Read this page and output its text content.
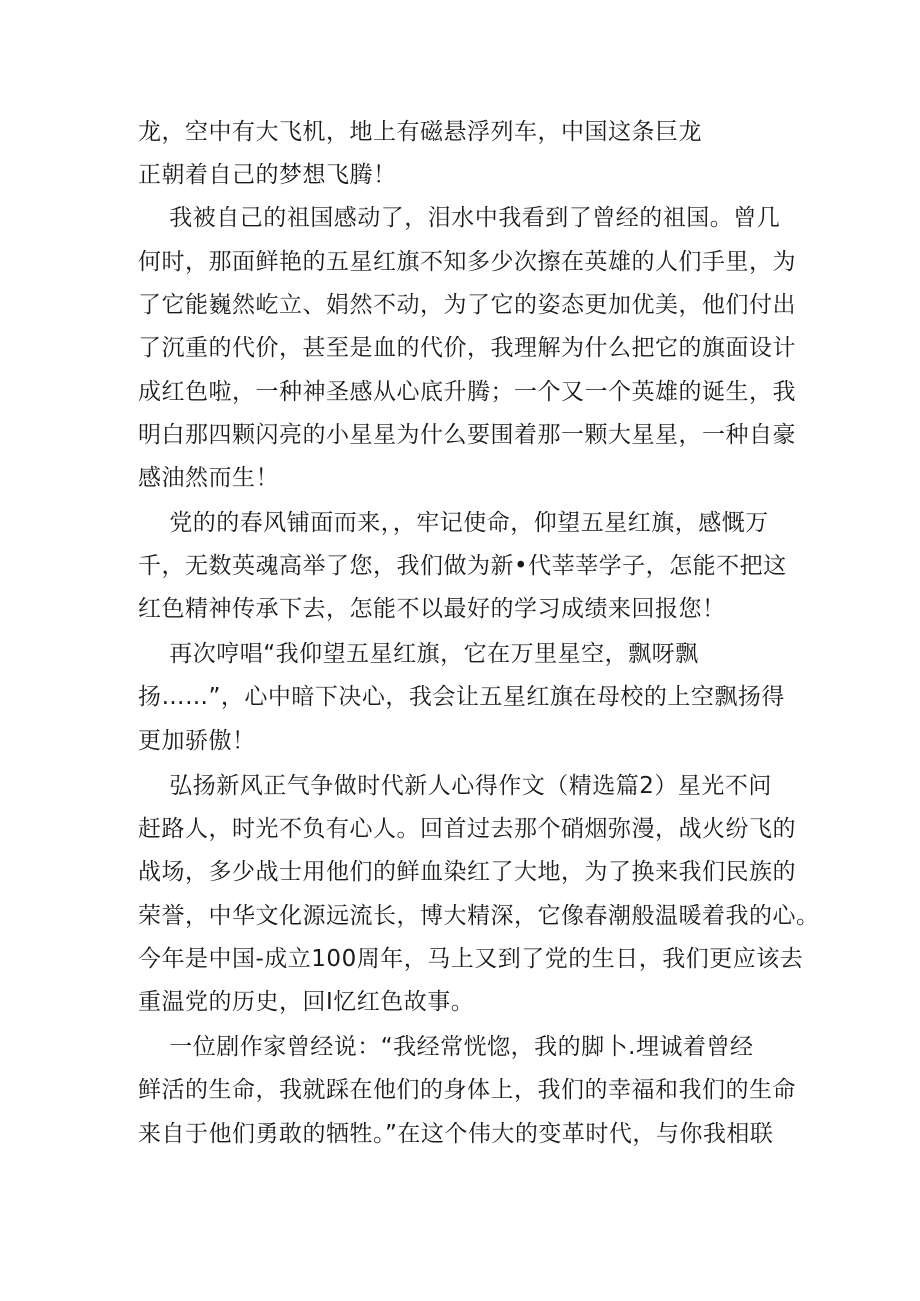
龙，空中有大飞机，地上有磁悬浮列车，中国这条巨龙
正朝着自己的梦想飞腾！
我被自己的祖国感动了，泪水中我看到了曾经的祖国。曾几
何时，那面鲜艳的五星红旗不知多少次擦在英雄的人们手里，为
了它能巍然屹立、娟然不动，为了它的姿态更加优美，他们付出
了沉重的代价，甚至是血的代价，我理解为什么把它的旗面设计
成红色啦，一种神圣感从心底升腾；一个又一个英雄的诞生，我
明白那四颗闪亮的小星星为什么要围着那一颗大星星，一种自豪
感油然而生！
党的的春风铺面而来，，牢记使命，仰望五星红旗，感慨万
千，无数英魂高举了您，我们做为新•代莘莘学子，怎能不把这
红色精神传承下去，怎能不以最好的学习成绩来回报您！
再次哼唱“我仰望五星红旗，它在万里星空，飘呀飘
扬……”，心中暗下决心，我会让五星红旗在母校的上空飘扬得
更加骄傲！
弘扬新风正气争做时代新人心得作文（精选篇2）星光不问
赶路人，时光不负有心人。回首过去那个硝烟弥漫，战火纷飞的
战场，多少战士用他们的鲜血染红了大地，为了换来我们民族的
荣誉，中华文化源远流长，博大精深，它像春潮般温暖着我的心。
今年是中国-成立100周年，马上又到了党的生日，我们更应该去
重温党的历史，回I忆红色故事。
一位剧作家曾经说：“我经常恍惚，我的脚卜.埋诚着曾经
鲜活的生命，我就踩在他们的身体上，我们的幸福和我们的生命
来自于他们勇敢的牺牲。”在这个伟大的变革时代，与你我相联
